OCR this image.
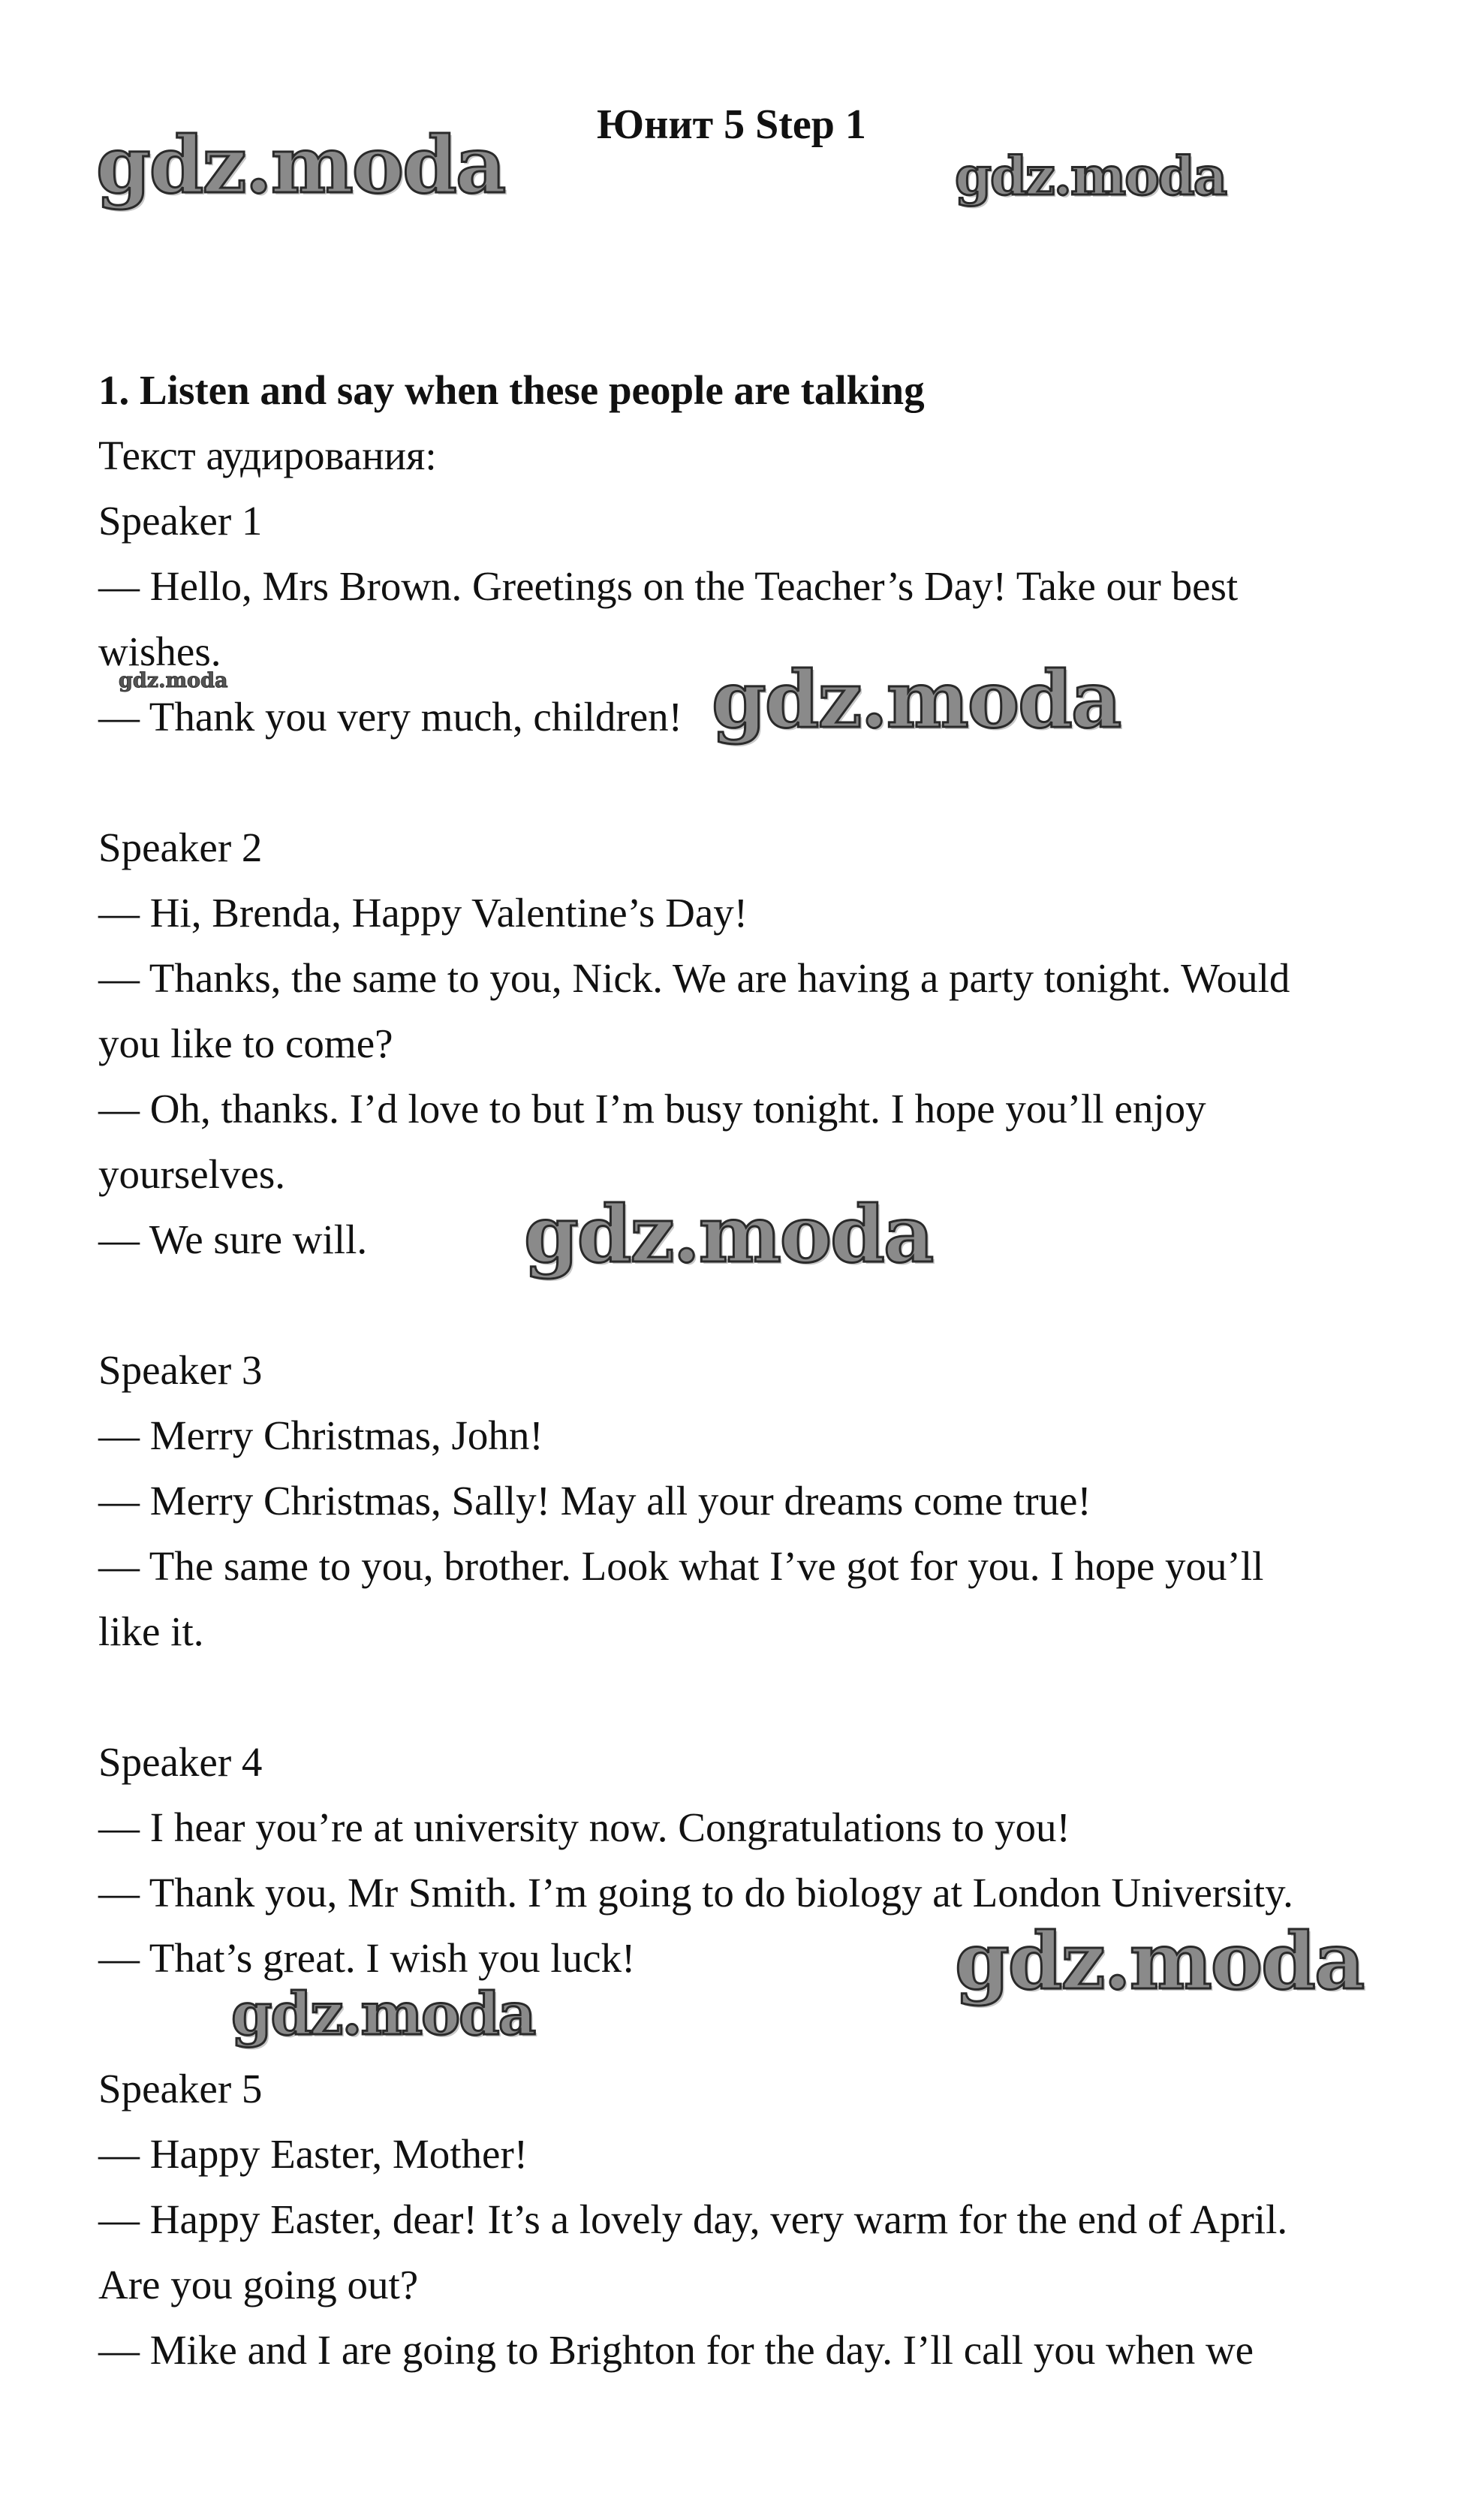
Юнит 5 Step 1
gdz.moda	gdz.moda
gdz.moda	gdz.moda
gdz.moda
gdz.moda
gdz.moda
1. Listen and say when these people are talking
Текст аудирования:
Speaker 1
— Hello, Mrs Brown. Greetings on the Teacher’s Day! Take our best
wishes.
— Thank you very much, children!
Speaker 2
— Hi, Brenda, Happy Valentine’s Day!
— Thanks, the same to you, Nick. We are having a party tonight. Would
you like to come?
— Oh, thanks. I’d love to but I’m busy tonight. I hope you’ll enjoy
yourselves.
— We sure will.
Speaker 3
— Merry Christmas, John!
— Merry Christmas, Sally! May all your dreams come true!
— The same to you, brother. Look what I’ve got for you. I hope you’ll
like it.
Speaker 4
— I hear you’re at university now. Congratulations to you!
— Thank you, Mr Smith. I’m going to do biology at London University.
— That’s great. I wish you luck!
Speaker 5
— Happy Easter, Mother!
— Happy Easter, dear! It’s a lovely day, very warm for the end of April.
Are you going out?
— Mike and I are going to Brighton for the day. I’ll call you when we
